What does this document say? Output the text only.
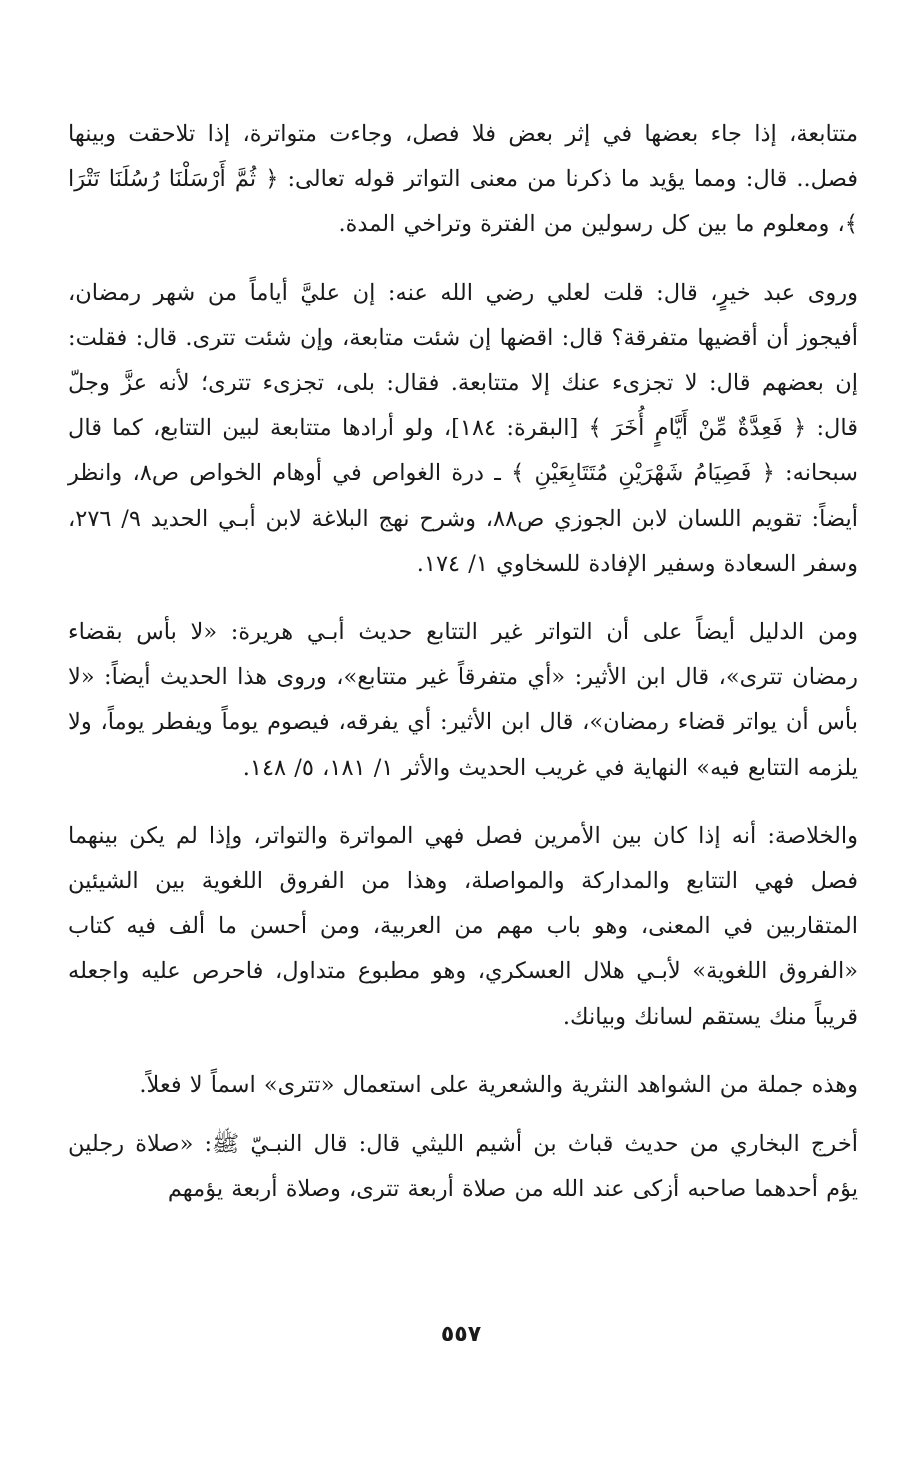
متتابعة، إذا جاء بعضها في إثر بعض فلا فصل، وجاءت متواترة، إذا تلاحقت وبينها فصل.. قال: ومما يؤيد ما ذكرنا من معنى التواتر قوله تعالى: ﴿ ثُمَّ أَرْسَلْنَا رُسُلَنَا تَتْرَا ﴾، ومعلوم ما بين كل رسولين من الفترة وتراخي المدة.

وروى عبد خيرٍ، قال: قلت لعلي رضي الله عنه: إن عليَّ أياماً من شهر رمضان، أفيجوز أن أقضيها متفرقة؟ قال: اقضها إن شئت متابعة، وإن شئت تترى. قال: فقلت: إن بعضهم قال: لا تجزىء عنك إلا متتابعة. فقال: بلى، تجزىء تترى؛ لأنه عزَّ وجلّ قال: ﴿ فَعِدَّةٌ مِّنْ أَيَّامٍ أُخَرَ ﴾ [البقرة: ١٨٤]، ولو أرادها متتابعة لبين التتابع، كما قال سبحانه: ﴿ فَصِيَامُ شَهْرَيْنِ مُتَتَابِعَيْنِ ﴾ ـ درة الغواص في أوهام الخواص ص٨، وانظر أيضاً: تقويم اللسان لابن الجوزي ص٨٨، وشرح نهج البلاغة لابن أبـي الحديد ٩/ ٢٧٦، وسفر السعادة وسفير الإفادة للسخاوي ١/ ١٧٤.

ومن الدليل أيضاً على أن التواتر غير التتابع حديث أبـي هريرة: «لا بأس بقضاء رمضان تترى»، قال ابن الأثير: «أي متفرقاً غير متتابع»، وروى هذا الحديث أيضاً: «لا بأس أن يواتر قضاء رمضان»، قال ابن الأثير: أي يفرقه، فيصوم يوماً ويفطر يوماً، ولا يلزمه التتابع فيه» النهاية في غريب الحديث والأثر ١/ ١٨١، ٥/ ١٤٨.

والخلاصة: أنه إذا كان بين الأمرين فصل فهي المواترة والتواتر، وإذا لم يكن بينهما فصل فهي التتابع والمداركة والمواصلة، وهذا من الفروق اللغوية بين الشيئين المتقاربين في المعنى، وهو باب مهم من العربية، ومن أحسن ما ألف فيه كتاب «الفروق اللغوية» لأبـي هلال العسكري، وهو مطبوع متداول، فاحرص عليه واجعله قريباً منك يستقم لسانك وبيانك.

وهذه جملة من الشواهد النثرية والشعرية على استعمال «تترى» اسماً لا فعلاً.

أخرج البخاري من حديث قباث بن أشيم الليثي قال: قال النبـيّ ﷺ: «صلاة رجلين يؤم أحدهما صاحبه أزكى عند الله من صلاة أربعة تترى، وصلاة أربعة يؤمهم

٥٥٧
